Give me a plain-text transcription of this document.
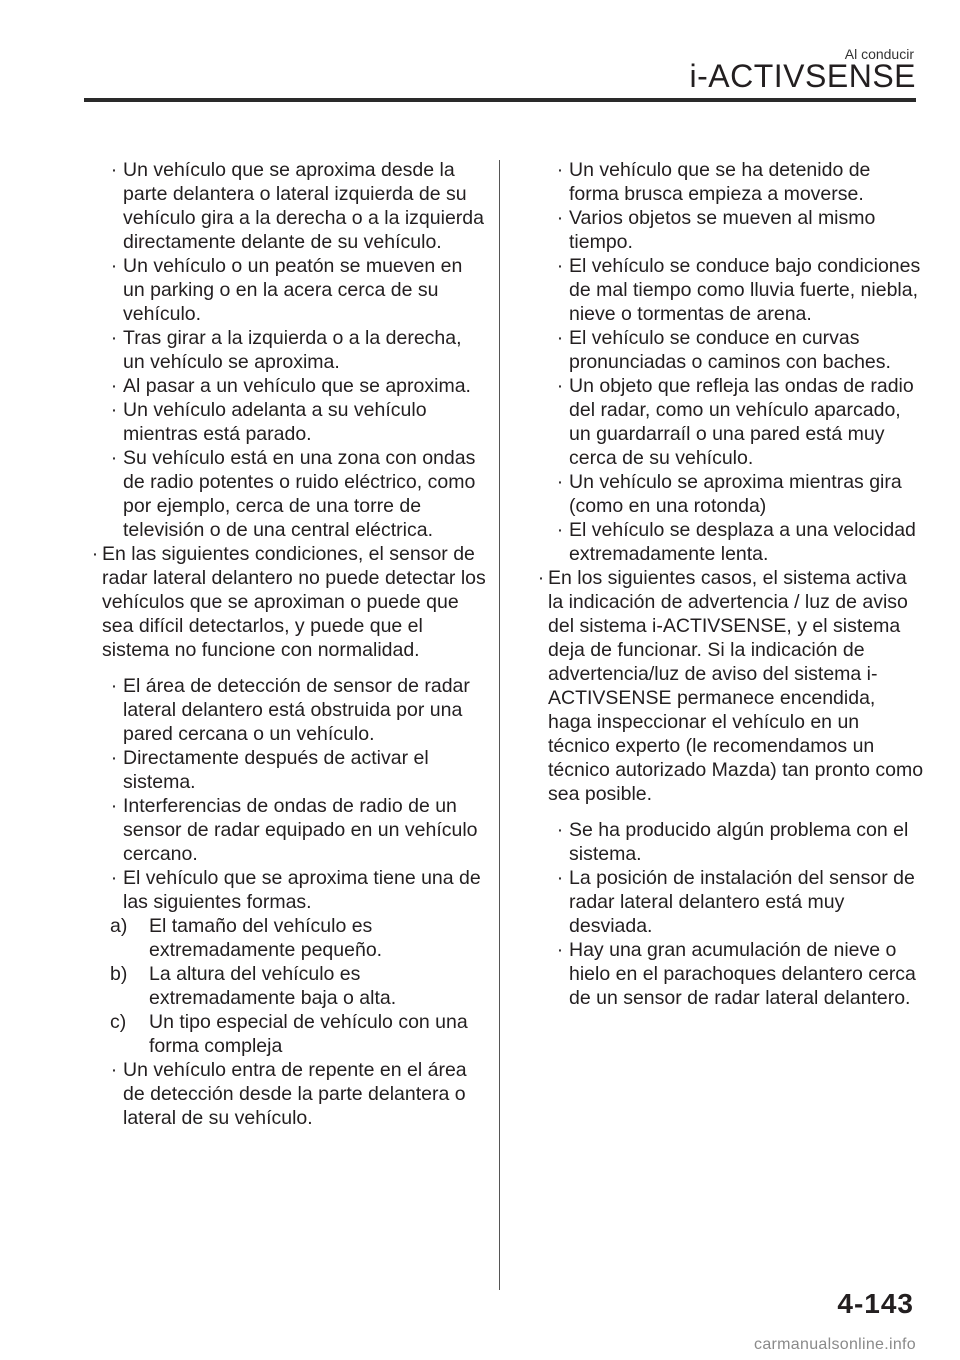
Al conducir
i-ACTIVSENSE
· Un vehículo que se aproxima desde la parte delantera o lateral izquierda de su vehículo gira a la derecha o a la izquierda directamente delante de su vehículo.
· Un vehículo o un peatón se mueven en un parking o en la acera cerca de su vehículo.
· Tras girar a la izquierda o a la derecha, un vehículo se aproxima.
· Al pasar a un vehículo que se aproxima.
· Un vehículo adelanta a su vehículo mientras está parado.
· Su vehículo está en una zona con ondas de radio potentes o ruido eléctrico, como por ejemplo, cerca de una torre de televisión o de una central eléctrica.
· En las siguientes condiciones, el sensor de radar lateral delantero no puede detectar los vehículos que se aproximan o puede que sea difícil detectarlos, y puede que el sistema no funcione con normalidad.
· El área de detección de sensor de radar lateral delantero está obstruida por una pared cercana o un vehículo.
· Directamente después de activar el sistema.
· Interferencias de ondas de radio de un sensor de radar equipado en un vehículo cercano.
· El vehículo que se aproxima tiene una de las siguientes formas.
a) El tamaño del vehículo es extremadamente pequeño.
b) La altura del vehículo es extremadamente baja o alta.
c) Un tipo especial de vehículo con una forma compleja
· Un vehículo entra de repente en el área de detección desde la parte delantera o lateral de su vehículo.
· Un vehículo que se ha detenido de forma brusca empieza a moverse.
· Varios objetos se mueven al mismo tiempo.
· El vehículo se conduce bajo condiciones de mal tiempo como lluvia fuerte, niebla, nieve o tormentas de arena.
· El vehículo se conduce en curvas pronunciadas o caminos con baches.
· Un objeto que refleja las ondas de radio del radar, como un vehículo aparcado, un guardarraíl o una pared está muy cerca de su vehículo.
· Un vehículo se aproxima mientras gira (como en una rotonda)
· El vehículo se desplaza a una velocidad extremadamente lenta.
· En los siguientes casos, el sistema activa la indicación de advertencia / luz de aviso del sistema i-ACTIVSENSE, y el sistema deja de funcionar. Si la indicación de advertencia/luz de aviso del sistema i-ACTIVSENSE permanece encendida, haga inspeccionar el vehículo en un técnico experto (le recomendamos un técnico autorizado Mazda) tan pronto como sea posible.
· Se ha producido algún problema con el sistema.
· La posición de instalación del sensor de radar lateral delantero está muy desviada.
· Hay una gran acumulación de nieve o hielo en el parachoques delantero cerca de un sensor de radar lateral delantero.
4-143
carmanualsonline.info
